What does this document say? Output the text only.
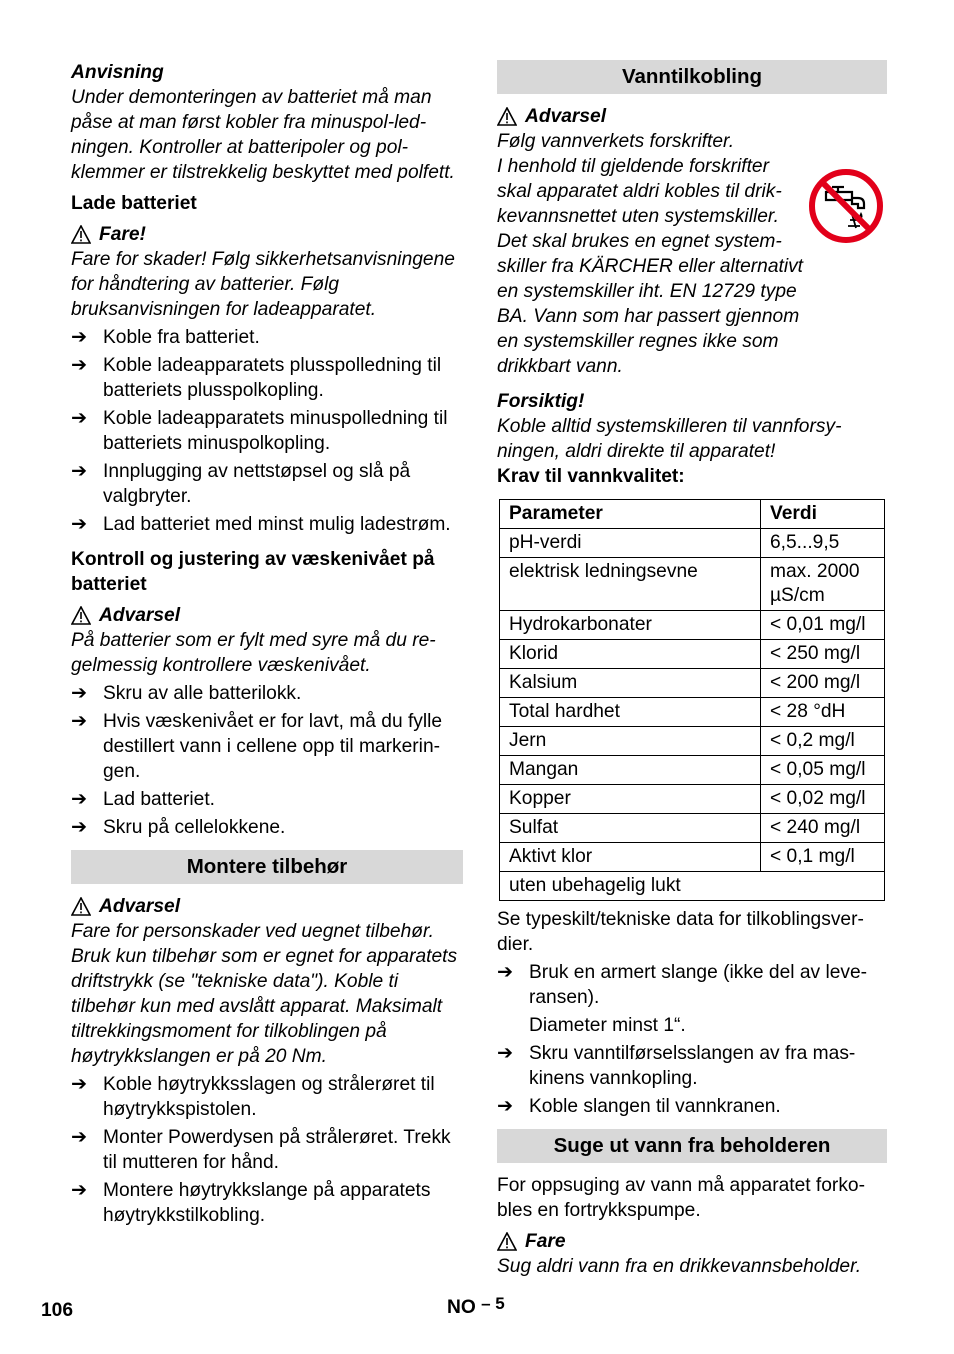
Anvisning

Under demonteringen av batteriet må man påse at man først kobler fra minuspol-ledningen. Kontroller at batteripoler og polklemmer er tilstrekkelig beskyttet med polfett.

Lade batteriet

Fare!

Fare for skader! Følg sikkerhetsanvisningene for håndtering av batterier. Følg bruksanvisningen for ladeapparatet.

➔ Koble fra batteriet.
➔ Koble ladeapparatets plusspolledning til batteriets plusspolkopling.
➔ Koble ladeapparatets minuspolledning til batteriets minuspolkopling.
➔ Innplugging av nettstøpsel og slå på valgbryter.
➔ Lad batteriet med minst mulig ladestrøm.

Kontroll og justering av væskenivået på batteriet

Advarsel

På batterier som er fylt med syre må du regelmessig kontrollere væskenivået.

➔ Skru av alle batterilokk.
➔ Hvis væskenivået er for lavt, må du fylle destillert vann i cellene opp til markeringen.
➔ Lad batteriet.
➔ Skru på cellelokkene.
Montere tilbehør
Advarsel

Fare for personskader ved uegnet tilbehør. Bruk kun tilbehør som er egnet for apparatets driftstrykk (se "tekniske data"). Koble ti tilbehør kun med avslått apparat. Maksimalt tiltrekkingsmoment for tilkoblingen på høytrykkslangen er på 20 Nm.

➔ Koble høytrykksslagen og strålerøret til høytrykkspistolen.
➔ Monter Powerdysen på strålerøret. Trekk til mutteren for hånd.
➔ Montere høytrykkslange på apparatets høytrykkstilkobling.
Vanntilkobling
Advarsel

Følg vannverkets forskrifter.

I henhold til gjeldende forskrifter skal apparatet aldri kobles til drikkevannsnettet uten systemskiller. Det skal brukes en egnet systemskiller fra KÄRCHER eller alternativt en systemskiller iht. EN 12729 type BA. Vann som har passert gjennom en systemskiller regnes ikke som drikkbart vann.

Forsiktig!

Koble alltid systemskilleren til vannforsyningen, aldri direkte til apparatet!

Krav til vannkvalitet:

Parameter	Verdi
pH-verdi	6,5...9,5
elektrisk ledningsevne	max. 2000 µS/cm
Hydrokarbonater	< 0,01 mg/l
Klorid	< 250 mg/l
Kalsium	< 200 mg/l
Total hardhet	< 28 °dH
Jern	< 0,2 mg/l
Mangan	< 0,05 mg/l
Kopper	< 0,02 mg/l
Sulfat	< 240 mg/l
Aktivt klor	< 0,1 mg/l
uten ubehagelig lukt	

Se typeskilt/tekniske data for tilkoblingsverdier.

➔ Bruk en armert slange (ikke del av leveransen).
Diameter minst 1“.
➔ Skru vanntilførselsslangen av fra maskinens vannkopling.
➔ Koble slangen til vannkranen.
Suge ut vann fra beholderen

For oppsuging av vann må apparatet forkobles en fortrykkspumpe.

Fare

Sug aldri vann fra en drikkevannsbeholder.

106	NO – 5
